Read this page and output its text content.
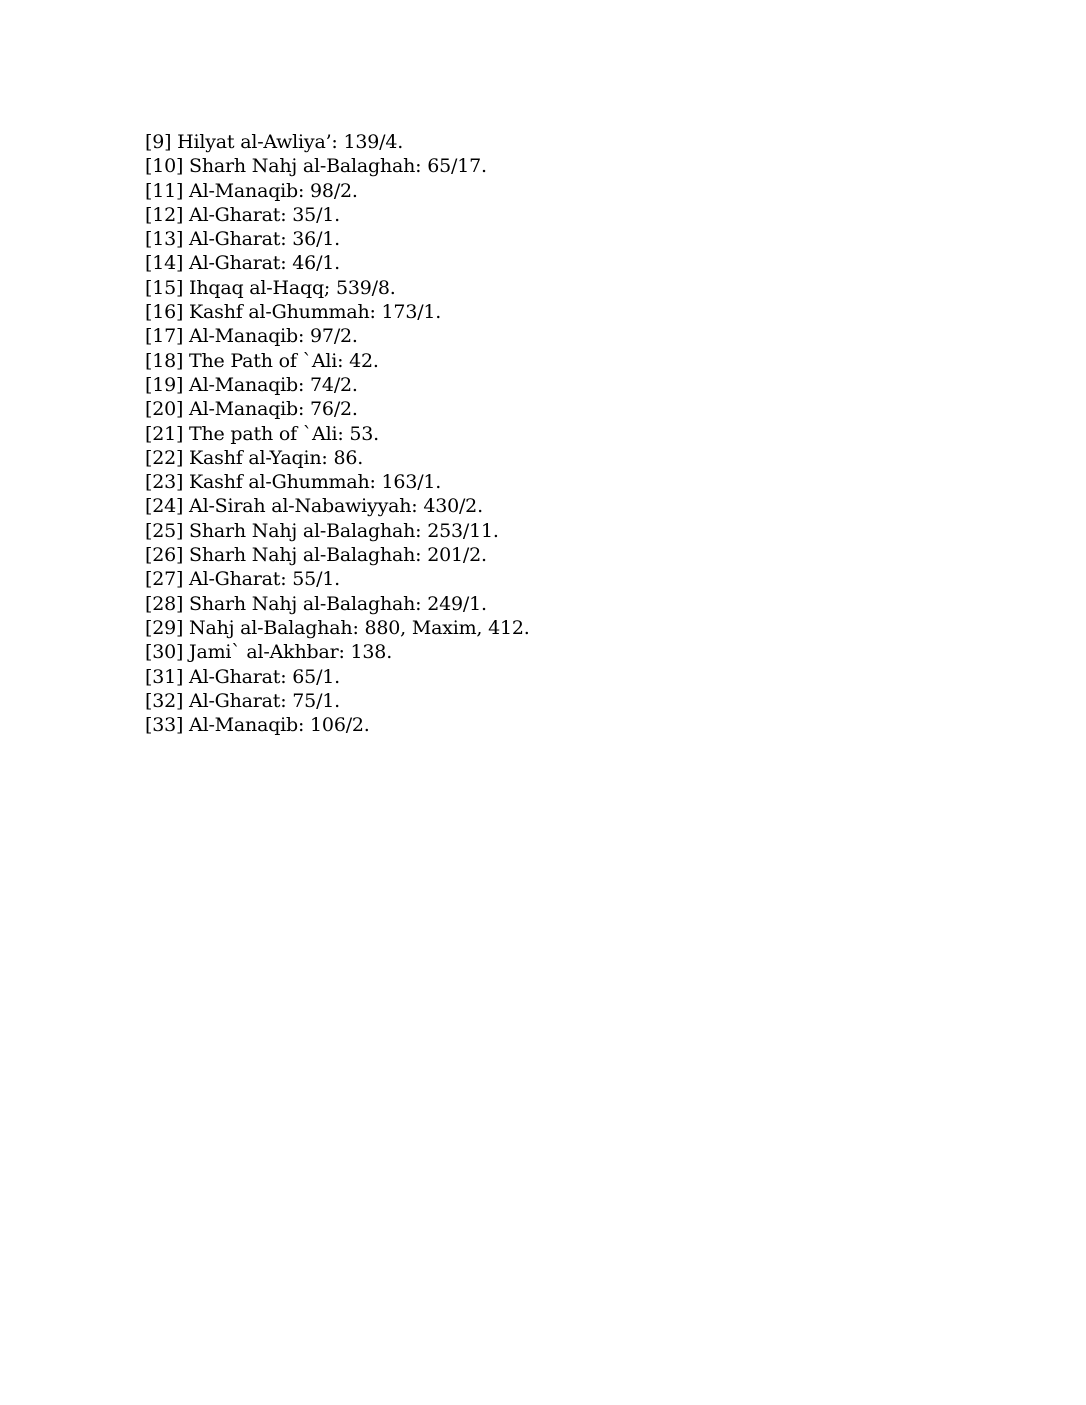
[9] Hilyat al-Awliya’: 139/4.
[10] Sharh Nahj al-Balaghah: 65/17.
[11] Al-Manaqib: 98/2.
[12] Al-Gharat: 35/1.
[13] Al-Gharat: 36/1.
[14] Al-Gharat: 46/1.
[15] Ihqaq al-Haqq; 539/8.
[16] Kashf al-Ghummah: 173/1.
[17] Al-Manaqib: 97/2.
[18] The Path of `Ali: 42.
[19] Al-Manaqib: 74/2.
[20] Al-Manaqib: 76/2.
[21] The path of `Ali: 53.
[22] Kashf al-Yaqin: 86.
[23] Kashf al-Ghummah: 163/1.
[24] Al-Sirah al-Nabawiyyah: 430/2.
[25] Sharh Nahj al-Balaghah: 253/11.
[26] Sharh Nahj al-Balaghah: 201/2.
[27] Al-Gharat: 55/1.
[28] Sharh Nahj al-Balaghah: 249/1.
[29] Nahj al-Balaghah: 880, Maxim, 412.
[30] Jami` al-Akhbar: 138.
[31] Al-Gharat: 65/1.
[32] Al-Gharat: 75/1.
[33] Al-Manaqib: 106/2.
